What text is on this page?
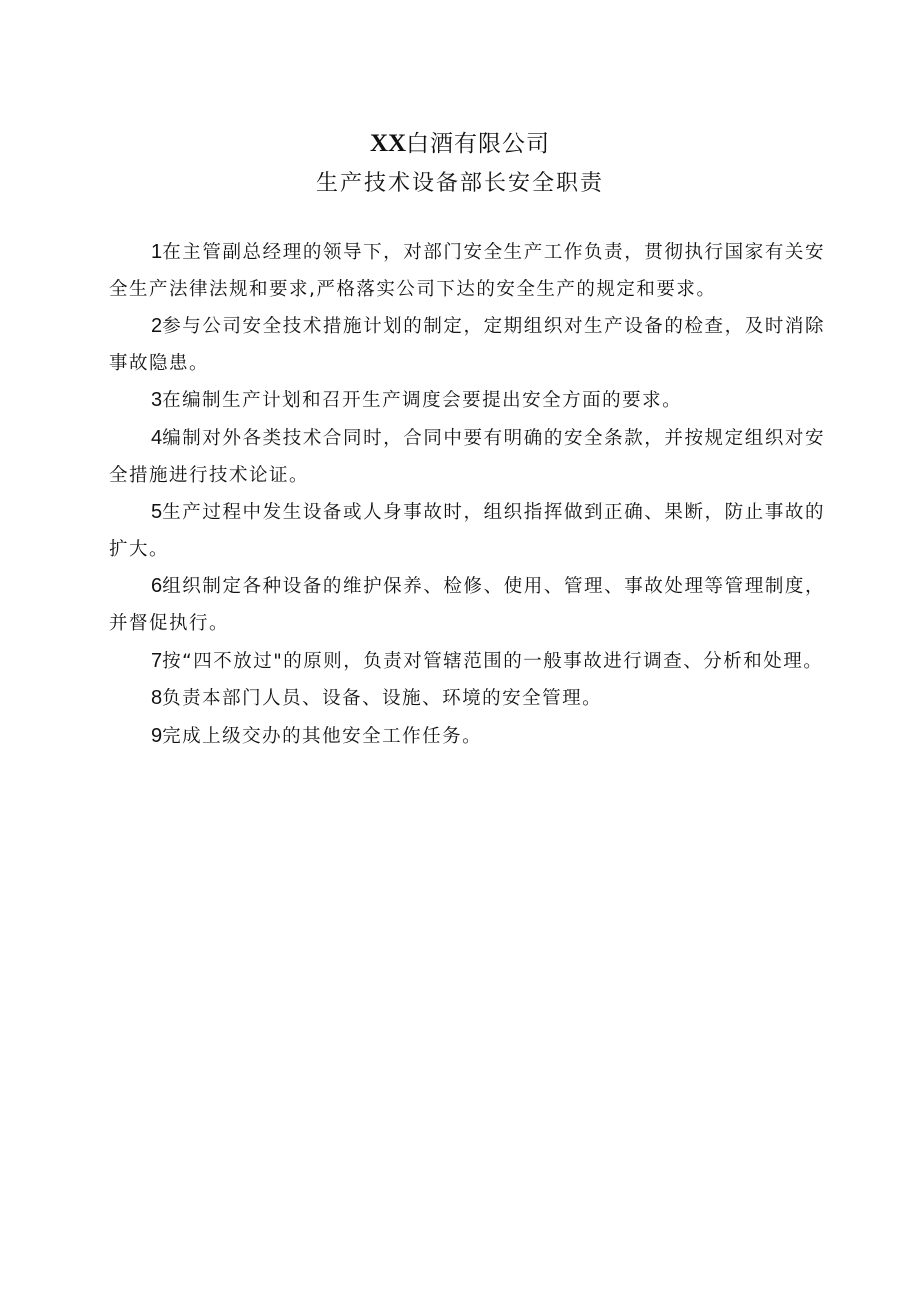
XX白酒有限公司
生产技术设备部长安全职责
1在主管副总经理的领导下，对部门安全生产工作负责，贯彻执行国家有关安全生产法律法规和要求,严格落实公司下达的安全生产的规定和要求。
2参与公司安全技术措施计划的制定，定期组织对生产设备的检查，及时消除事故隐患。
3在编制生产计划和召开生产调度会要提出安全方面的要求。
4编制对外各类技术合同时，合同中要有明确的安全条款，并按规定组织对安全措施进行技术论证。
5生产过程中发生设备或人身事故时，组织指挥做到正确、果断，防止事故的扩大。
6组织制定各种设备的维护保养、检修、使用、管理、事故处理等管理制度，并督促执行。
7按“四不放过"的原则，负责对管辖范围的一般事故进行调查、分析和处理。
8负责本部门人员、设备、设施、环境的安全管理。
9完成上级交办的其他安全工作任务。
